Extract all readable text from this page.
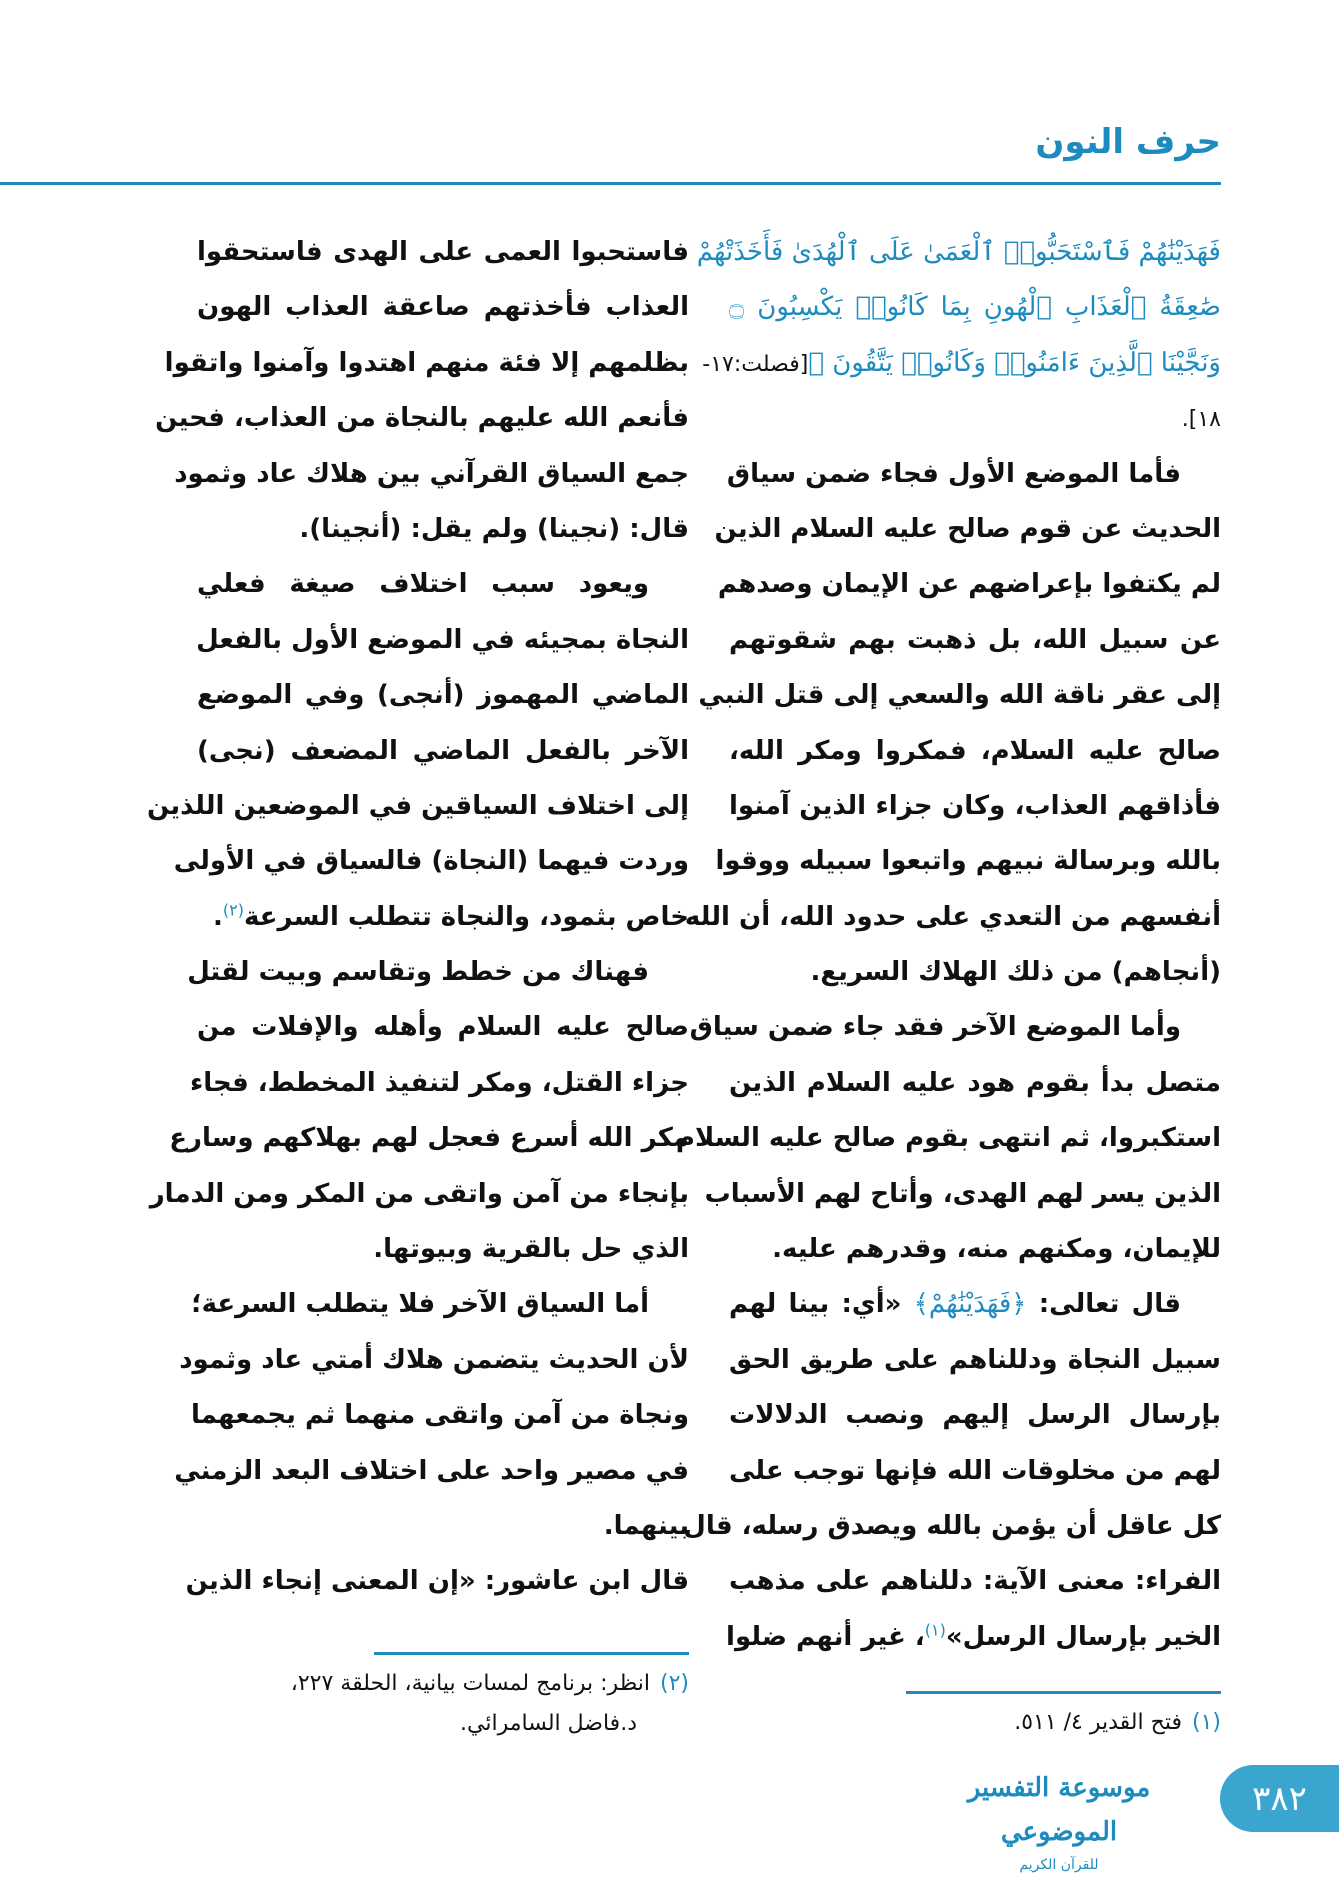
حرف النون
فَهَدَيْنَٰهُمْ فَٱسْتَحَبُّوا۟ ٱلْعَمَىٰ عَلَى ٱلْهُدَىٰ فَأَخَذَتْهُمْ
صَٰعِقَةُ ٱلْعَذَابِ ٱلْهُونِ بِمَا كَانُوا۟ يَكْسِبُونَ ۝
وَنَجَّيْنَا ٱلَّذِينَ ءَامَنُوا۟ وَكَانُوا۟ يَتَّقُونَ ﴾[فصلت:١٧-
١٨].
فأما الموضع الأول فجاء ضمن سياق
الحديث عن قوم صالح عليه السلام الذين
لم يكتفوا بإعراضهم عن الإيمان وصدهم
عن سبيل الله، بل ذهبت بهم شقوتهم
إلى عقر ناقة الله والسعي إلى قتل النبي
صالح عليه السلام، فمكروا ومكر الله،
فأذاقهم العذاب، وكان جزاء الذين آمنوا
بالله وبرسالة نبيهم واتبعوا سبيله ووقوا
أنفسهم من التعدي على حدود الله، أن الله
(أنجاهم) من ذلك الهلاك السريع.
وأما الموضع الآخر فقد جاء ضمن سياق
متصل بدأ بقوم هود عليه السلام الذين
استكبروا، ثم انتهى بقوم صالح عليه السلام
الذين يسر لهم الهدى، وأتاح لهم الأسباب
للإيمان، ومكنهم منه، وقدرهم عليه.
قال تعالى: ﴿فَهَدَيْنَٰهُمْ﴾ «أي: بينا لهم
سبيل النجاة ودللناهم على طريق الحق
بإرسال الرسل إليهم ونصب الدلالات
لهم من مخلوقات الله فإنها توجب على
كل عاقل أن يؤمن بالله ويصدق رسله، قال
الفراء: معنى الآية: دللناهم على مذهب
الخير بإرسال الرسل»$^{(١)}$، غير أنهم ضلوا
فاستحبوا العمى على الهدى فاستحقوا
العذاب فأخذتهم صاعقة العذاب الهون
بظلمهم إلا فئة منهم اهتدوا وآمنوا واتقوا
فأنعم الله عليهم بالنجاة من العذاب، فحين
جمع السياق القرآني بين هلاك عاد وثمود
قال: (نجينا) ولم يقل: (أنجينا).
ويعود سبب اختلاف صيغة فعلي
النجاة بمجيئه في الموضع الأول بالفعل
الماضي المهموز (أنجى) وفي الموضع
الآخر بالفعل الماضي المضعف (نجى)
إلى اختلاف السياقين في الموضعين اللذين
وردت فيهما (النجاة) فالسياق في الأولى
خاص بثمود، والنجاة تتطلب السرعة$^{(٢)}$.
فهناك من خطط وتقاسم وبيت لقتل
صالح عليه السلام وأهله والإفلات من
جزاء القتل، ومكر لتنفيذ المخطط، فجاء
مكر الله أسرع فعجل لهم بهلاكهم وسارع
بإنجاء من آمن واتقى من المكر ومن الدمار
الذي حل بالقرية وبيوتها.
أما السياق الآخر فلا يتطلب السرعة؛
لأن الحديث يتضمن هلاك أمتي عاد وثمود
ونجاة من آمن واتقى منهما ثم يجمعهما
في مصير واحد على اختلاف البعد الزمني
بينهما.
قال ابن عاشور: «إن المعنى إنجاء الذين
(١)فتح القدير ٤/ ٥١١.
(٢)انظر: برنامج لمسات بيانية، الحلقة ٢٢٧،
د.فاضل السامرائي.
موسوعة التفسير الموضوعي
للقرآن الكريم
٣٨٢
